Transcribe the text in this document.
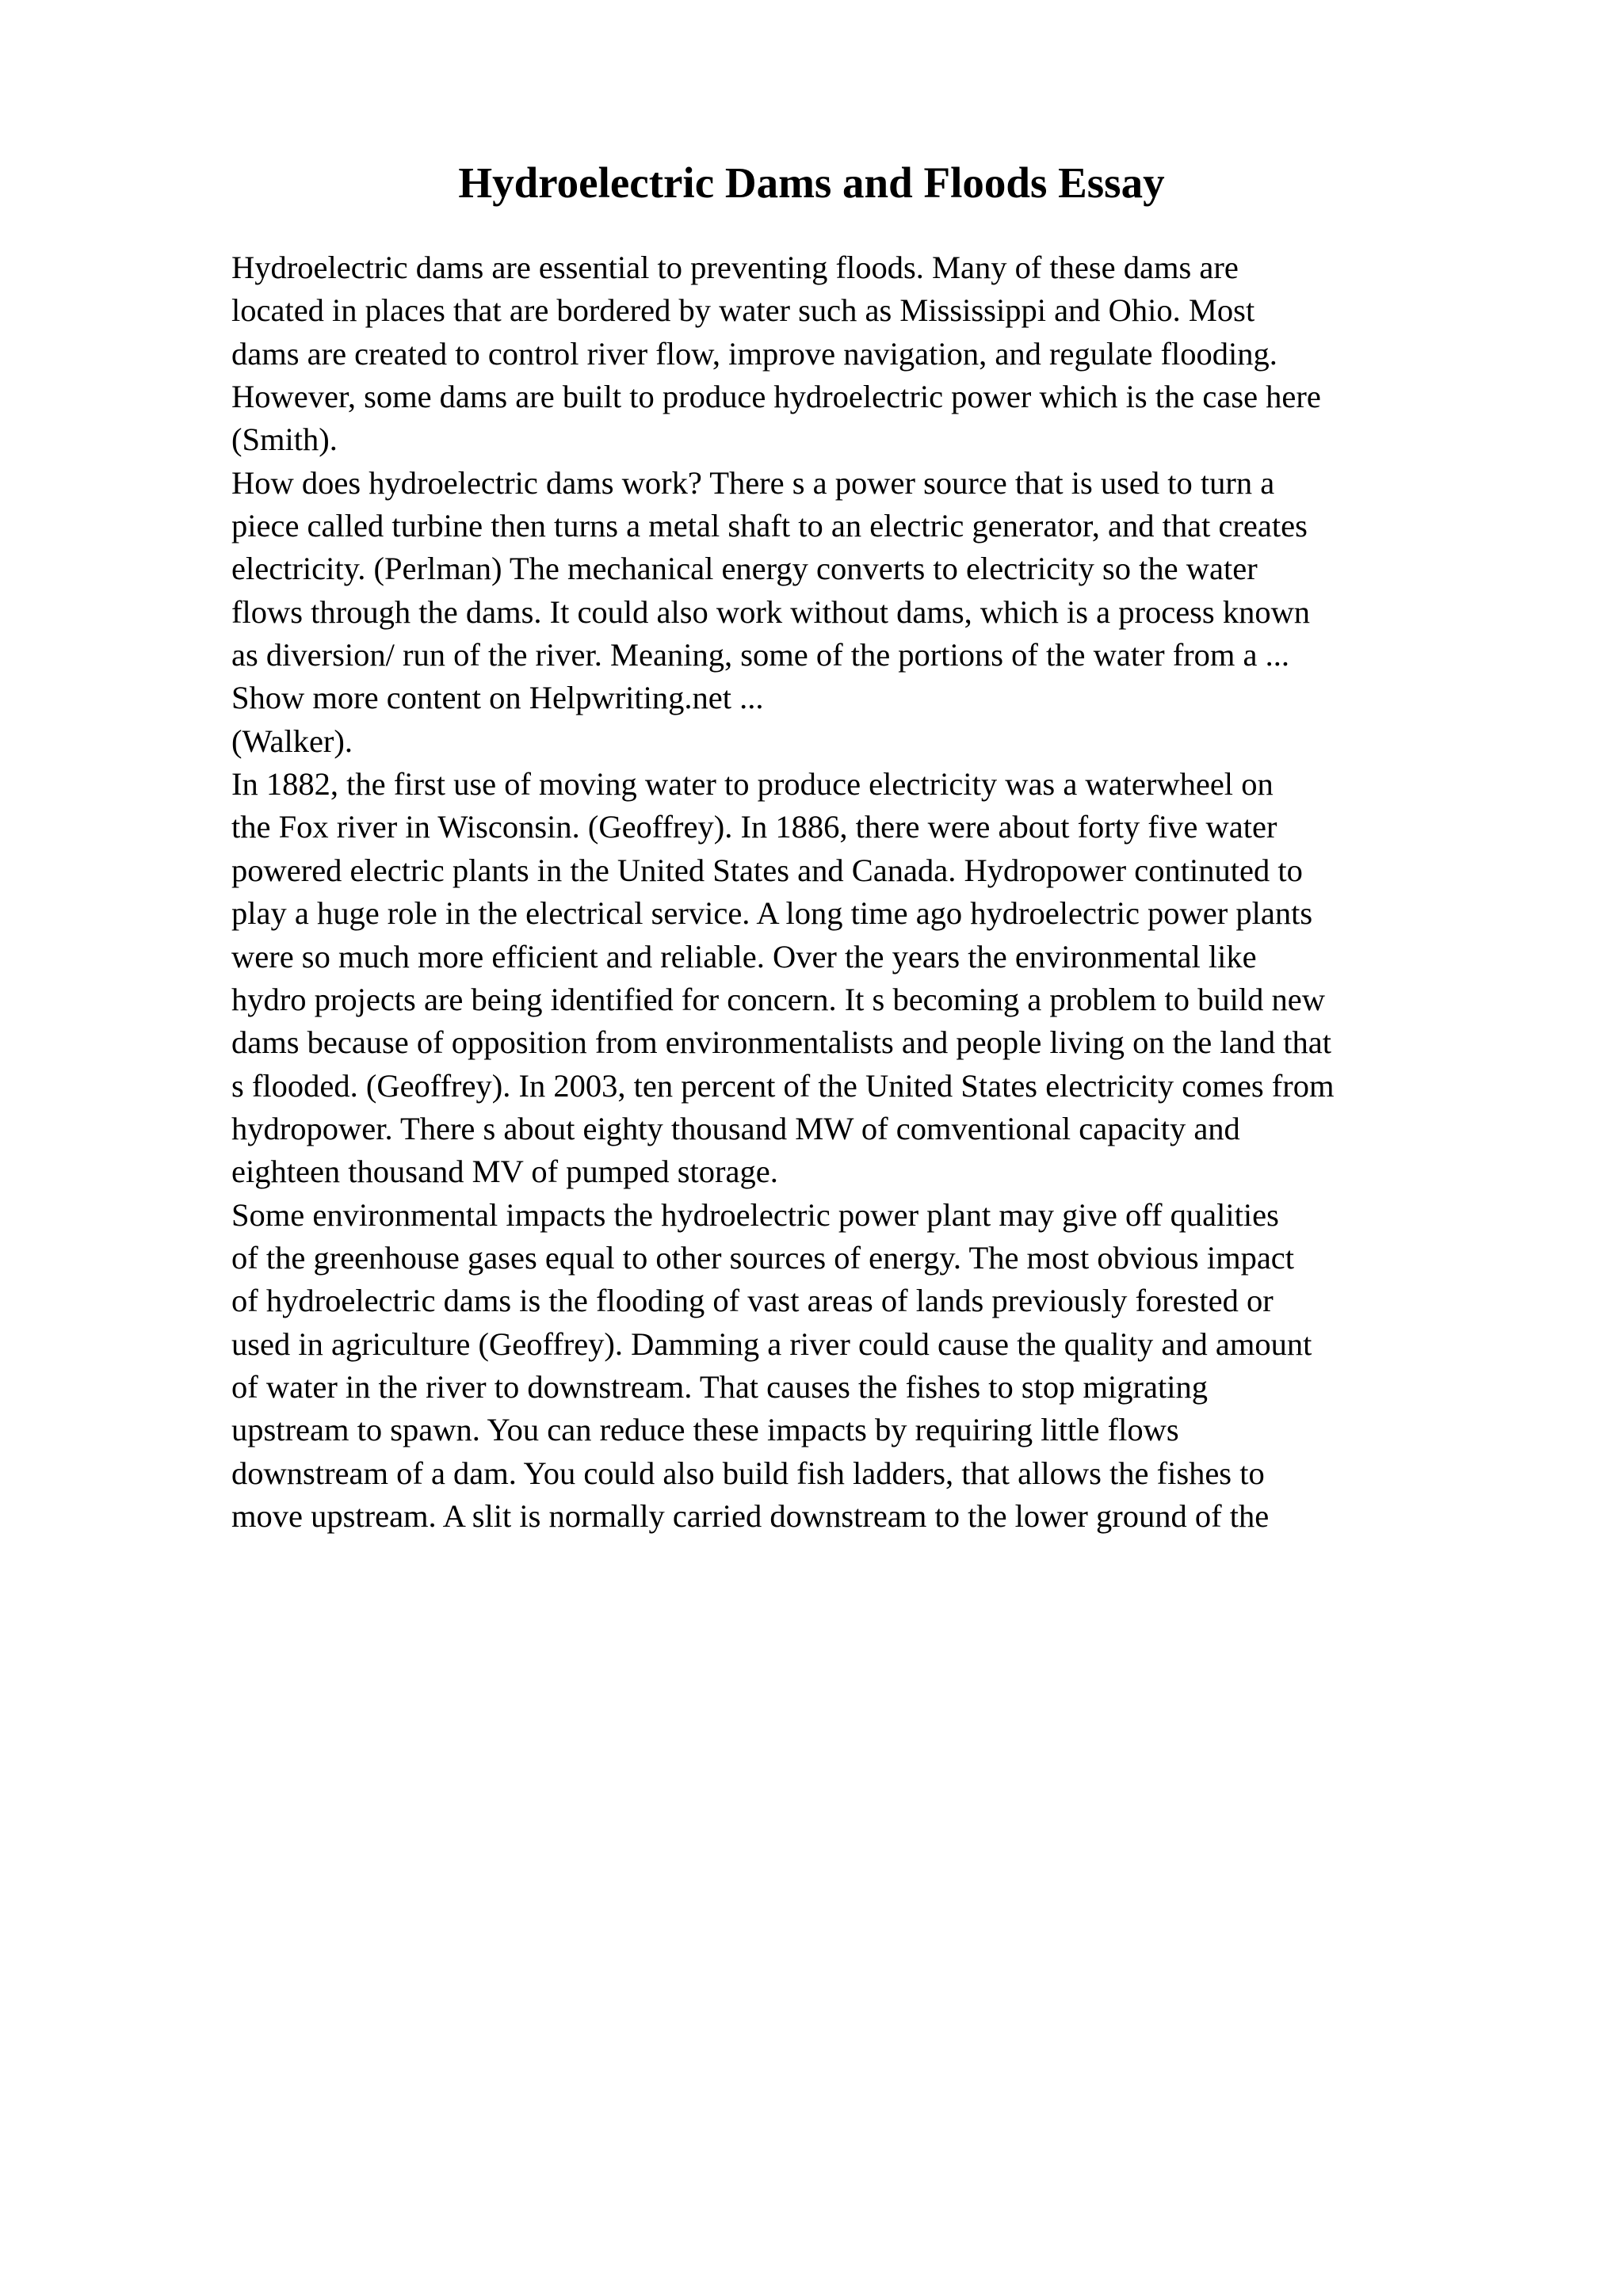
Hydroelectric Dams and Floods Essay
Hydroelectric dams are essential to preventing floods. Many of these dams are
located in places that are bordered by water such as Mississippi and Ohio. Most
dams are created to control river flow, improve navigation, and regulate flooding.
However, some dams are built to produce hydroelectric power which is the case here
(Smith).
How does hydroelectric dams work? There s a power source that is used to turn a
piece called turbine then turns a metal shaft to an electric generator, and that creates
electricity. (Perlman) The mechanical energy converts to electricity so the water
flows through the dams. It could also work without dams, which is a process known
as diversion/ run of the river. Meaning, some of the portions of the water from a ...
Show more content on Helpwriting.net ...
(Walker).
In 1882, the first use of moving water to produce electricity was a waterwheel on
the Fox river in Wisconsin. (Geoffrey). In 1886, there were about forty five water
powered electric plants in the United States and Canada. Hydropower continuted to
play a huge role in the electrical service. A long time ago hydroelectric power plants
were so much more efficient and reliable. Over the years the environmental like
hydro projects are being identified for concern. It s becoming a problem to build new
dams because of opposition from environmentalists and people living on the land that
s flooded. (Geoffrey). In 2003, ten percent of the United States electricity comes from
hydropower. There s about eighty thousand MW of comventional capacity and
eighteen thousand MV of pumped storage.
Some environmental impacts the hydroelectric power plant may give off qualities
of the greenhouse gases equal to other sources of energy. The most obvious impact
of hydroelectric dams is the flooding of vast areas of lands previously forested or
used in agriculture (Geoffrey). Damming a river could cause the quality and amount
of water in the river to downstream. That causes the fishes to stop migrating
upstream to spawn. You can reduce these impacts by requiring little flows
downstream of a dam. You could also build fish ladders, that allows the fishes to
move upstream. A slit is normally carried downstream to the lower ground of the
